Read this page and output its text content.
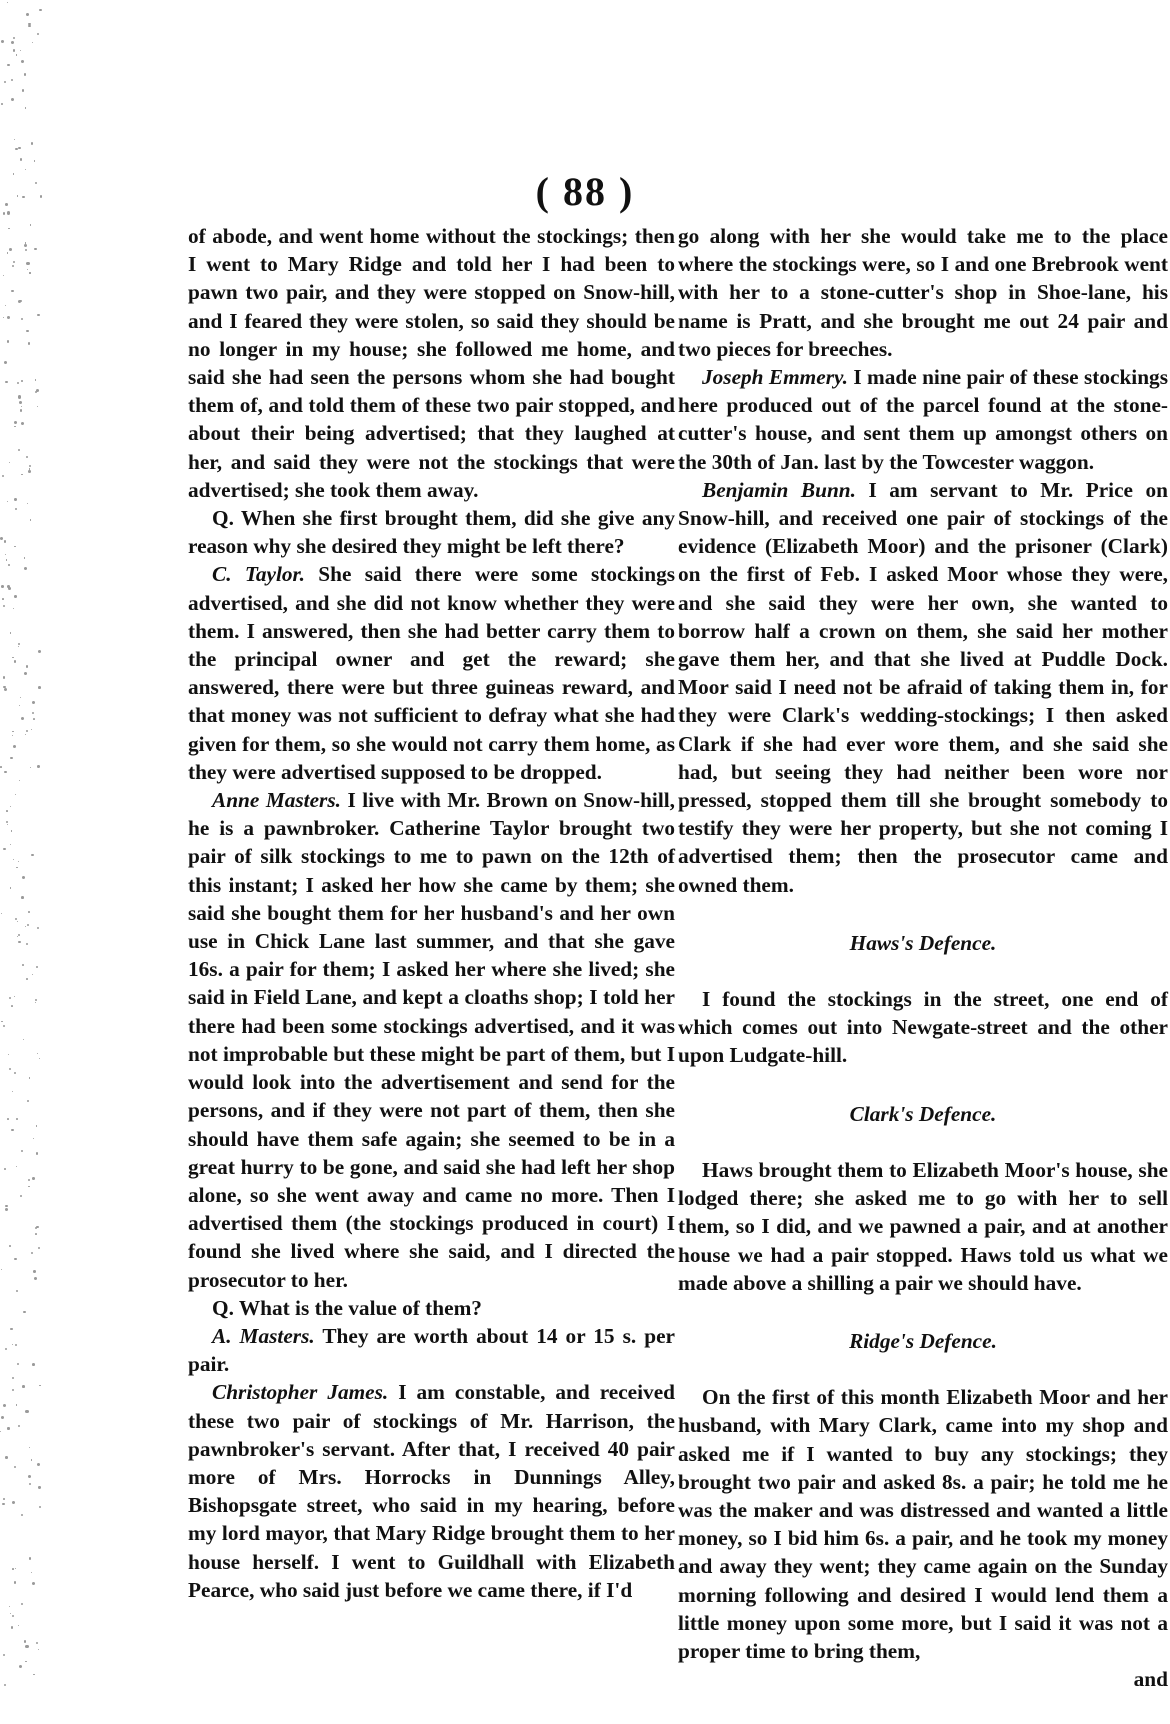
( 88 )

of abode, and went home without the stockings; then I went to Mary Ridge and told her I had been to pawn two pair, and they were stopped on Snow-hill, and I feared they were stolen, so said they should be no longer in my house; she followed me home, and said she had seen the persons whom she had bought them of, and told them of these two pair stopped, and about their being advertised; that they laughed at her, and said they were not the stockings that were advertised; she took them away.

Q. When she first brought them, did she give any reason why she desired they might be left there?

C. Taylor. She said there were some stockings advertised, and she did not know whether they were them. I answered, then she had better carry them to the principal owner and get the reward; she answered, there were but three guineas reward, and that money was not sufficient to defray what she had given for them, so she would not carry them home, as they were advertised supposed to be dropped.

Anne Masters. I live with Mr. Brown on Snow-hill, he is a pawnbroker. Catherine Taylor brought two pair of silk stockings to me to pawn on the 12th of this instant; I asked her how she came by them; she said she bought them for her husband's and her own use in Chick Lane last summer, and that she gave 16s. a pair for them; I asked her where she lived; she said in Field Lane, and kept a cloaths shop; I told her there had been some stockings advertised, and it was not improbable but these might be part of them, but I would look into the advertisement and send for the persons, and if they were not part of them, then she should have them safe again; she seemed to be in a great hurry to be gone, and said she had left her shop alone, so she went away and came no more. Then I advertised them (the stockings produced in court) I found she lived where she said, and I directed the prosecutor to her.

Q. What is the value of them?

A. Masters. They are worth about 14 or 15 s. per pair.

Christopher James. I am constable, and received these two pair of stockings of Mr. Harrison, the pawnbroker's servant. After that, I received 40 pair more of Mrs. Horrocks in Dunnings Alley, Bishopsgate street, who said in my hearing, before my lord mayor, that Mary Ridge brought them to her house herself. I went to Guildhall with Elizabeth Pearce, who said just before we came there, if I'd

go along with her she would take me to the place where the stockings were, so I and one Brebrook went with her to a stone-cutter's shop in Shoe-lane, his name is Pratt, and she brought me out 24 pair and two pieces for breeches.

Joseph Emmery. I made nine pair of these stockings here produced out of the parcel found at the stone-cutter's house, and sent them up amongst others on the 30th of Jan. last by the Towcester waggon.

Benjamin Bunn. I am servant to Mr. Price on Snow-hill, and received one pair of stockings of the evidence (Elizabeth Moor) and the prisoner (Clark) on the first of Feb. I asked Moor whose they were, and she said they were her own, she wanted to borrow half a crown on them, she said her mother gave them her, and that she lived at Puddle Dock. Moor said I need not be afraid of taking them in, for they were Clark's wedding-stockings; I then asked Clark if she had ever wore them, and she said she had, but seeing they had neither been wore nor pressed, stopped them till she brought somebody to testify they were her property, but she not coming I advertised them; then the prosecutor came and owned them.

Haws's Defence.

I found the stockings in the street, one end of which comes out into Newgate-street and the other upon Ludgate-hill.

Clark's Defence.

Haws brought them to Elizabeth Moor's house, she lodged there; she asked me to go with her to sell them, so I did, and we pawned a pair, and at another house we had a pair stopped. Haws told us what we made above a shilling a pair we should have.

Ridge's Defence.

On the first of this month Elizabeth Moor and her husband, with Mary Clark, came into my shop and asked me if I wanted to buy any stockings; they brought two pair and asked 8s. a pair; he told me he was the maker and was distressed and wanted a little money, so I bid him 6s. a pair, and he took my money and away they went; they came again on the Sunday morning following and desired I would lend them a little money upon some more, but I said it was not a proper time to bring them,

and
